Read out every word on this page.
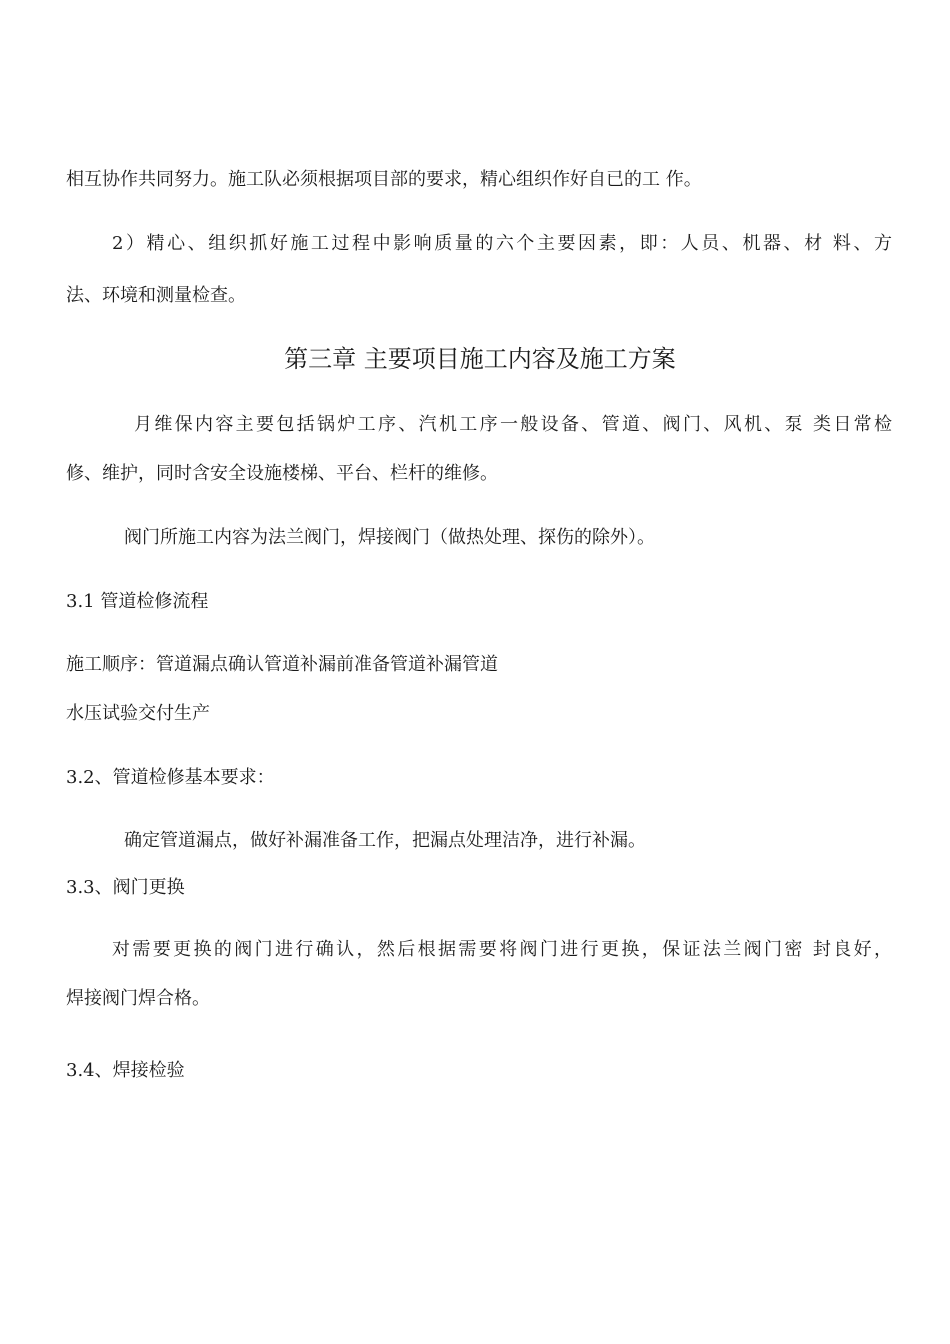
相互协作共同努力。施工队必须根据项目部的要求，精心组织作好自已的工 作。
2）精心、组织抓好施工过程中影响质量的六个主要因素，即：人员、机器、材 料、方
法、环境和测量检查。
第三章 主要项目施工内容及施工方案
月维保内容主要包括锅炉工序、汽机工序一般设备、管道、阀门、风机、泵 类日常检
修、维护，同时含安全设施楼梯、平台、栏杆的维修。
阀门所施工内容为法兰阀门，焊接阀门（做热处理、探伤的除外）。
3.1 管道检修流程
施工顺序：管道漏点确认管道补漏前准备管道补漏管道
水压试验交付生产
3.2、管道检修基本要求：
确定管道漏点，做好补漏准备工作，把漏点处理洁净，进行补漏。
3.3、阀门更换
对需要更换的阀门进行确认，然后根据需要将阀门进行更换，保证法兰阀门密 封良好，
焊接阀门焊合格。
3.4、焊接检验
